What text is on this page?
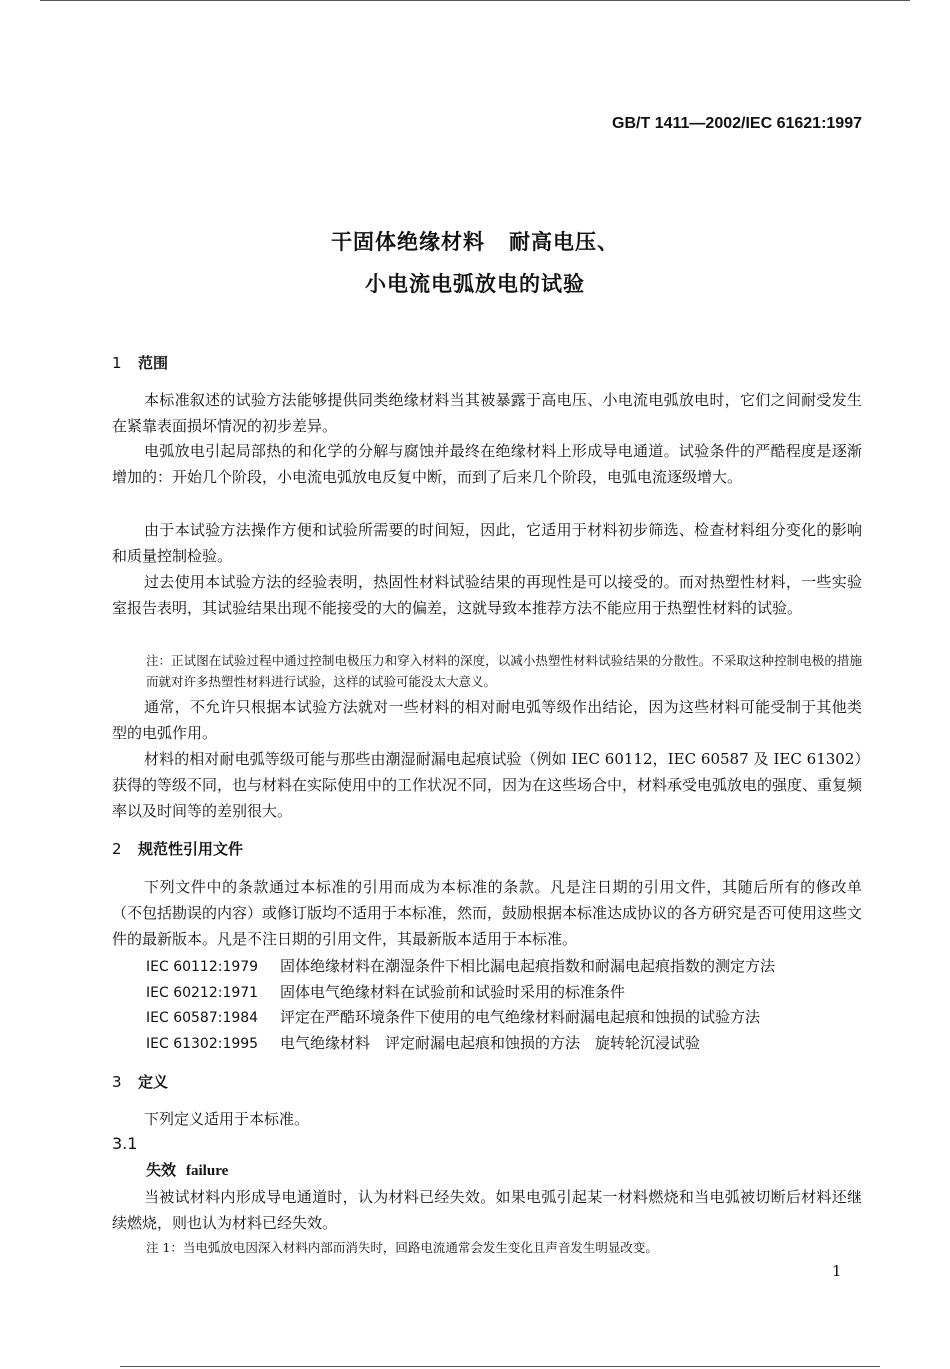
GB/T 1411—2002/IEC 61621:1997
干固体绝缘材料 耐高电压、
小电流电弧放电的试验
1 范围

本标准叙述的试验方法能够提供同类绝缘材料当其被暴露于高电压、小电流电弧放电时，它们之间耐受发生在紧靠表面损坏情况的初步差异。

电弧放电引起局部热的和化学的分解与腐蚀并最终在绝缘材料上形成导电通道。试验条件的严酷程度是逐渐增加的：开始几个阶段，小电流电弧放电反复中断，而到了后来几个阶段，电弧电流逐级增大。

由于本试验方法操作方便和试验所需要的时间短，因此，它适用于材料初步筛选、检查材料组分变化的影响和质量控制检验。

过去使用本试验方法的经验表明，热固性材料试验结果的再现性是可以接受的。而对热塑性材料，一些实验室报告表明，其试验结果出现不能接受的大的偏差，这就导致本推荐方法不能应用于热塑性材料的试验。

注：正试图在试验过程中通过控制电极压力和穿入材料的深度，以减小热塑性材料试验结果的分散性。不采取这种控制电极的措施而就对许多热塑性材料进行试验，这样的试验可能没太大意义。

通常，不允许只根据本试验方法就对一些材料的相对耐电弧等级作出结论，因为这些材料可能受制于其他类型的电弧作用。

材料的相对耐电弧等级可能与那些由潮湿耐漏电起痕试验（例如 IEC 60112，IEC 60587 及 IEC 61302）获得的等级不同，也与材料在实际使用中的工作状况不同，因为在这些场合中，材料承受电弧放电的强度、重复频率以及时间等的差别很大。

2 规范性引用文件

下列文件中的条款通过本标准的引用而成为本标准的条款。凡是注日期的引用文件，其随后所有的修改单（不包括勘误的内容）或修订版均不适用于本标准，然而，鼓励根据本标准达成协议的各方研究是否可使用这些文件的最新版本。凡是不注日期的引用文件，其最新版本适用于本标准。

IEC 60112:1979 固体绝缘材料在潮湿条件下相比漏电起痕指数和耐漏电起痕指数的测定方法
IEC 60212:1971 固体电气绝缘材料在试验前和试验时采用的标准条件
IEC 60587:1984 评定在严酷环境条件下使用的电气绝缘材料耐漏电起痕和蚀损的试验方法
IEC 61302:1995 电气绝缘材料　评定耐漏电起痕和蚀损的方法　旋转轮沉浸试验
3 定义

下列定义适用于本标准。

3.1
失效 failure

当被试材料内形成导电通道时，认为材料已经失效。如果电弧引起某一材料燃烧和当电弧被切断后材料还继续燃烧，则也认为材料已经失效。

注 1：当电弧放电因深入材料内部而消失时，回路电流通常会发生变化且声音发生明显改变。

1
